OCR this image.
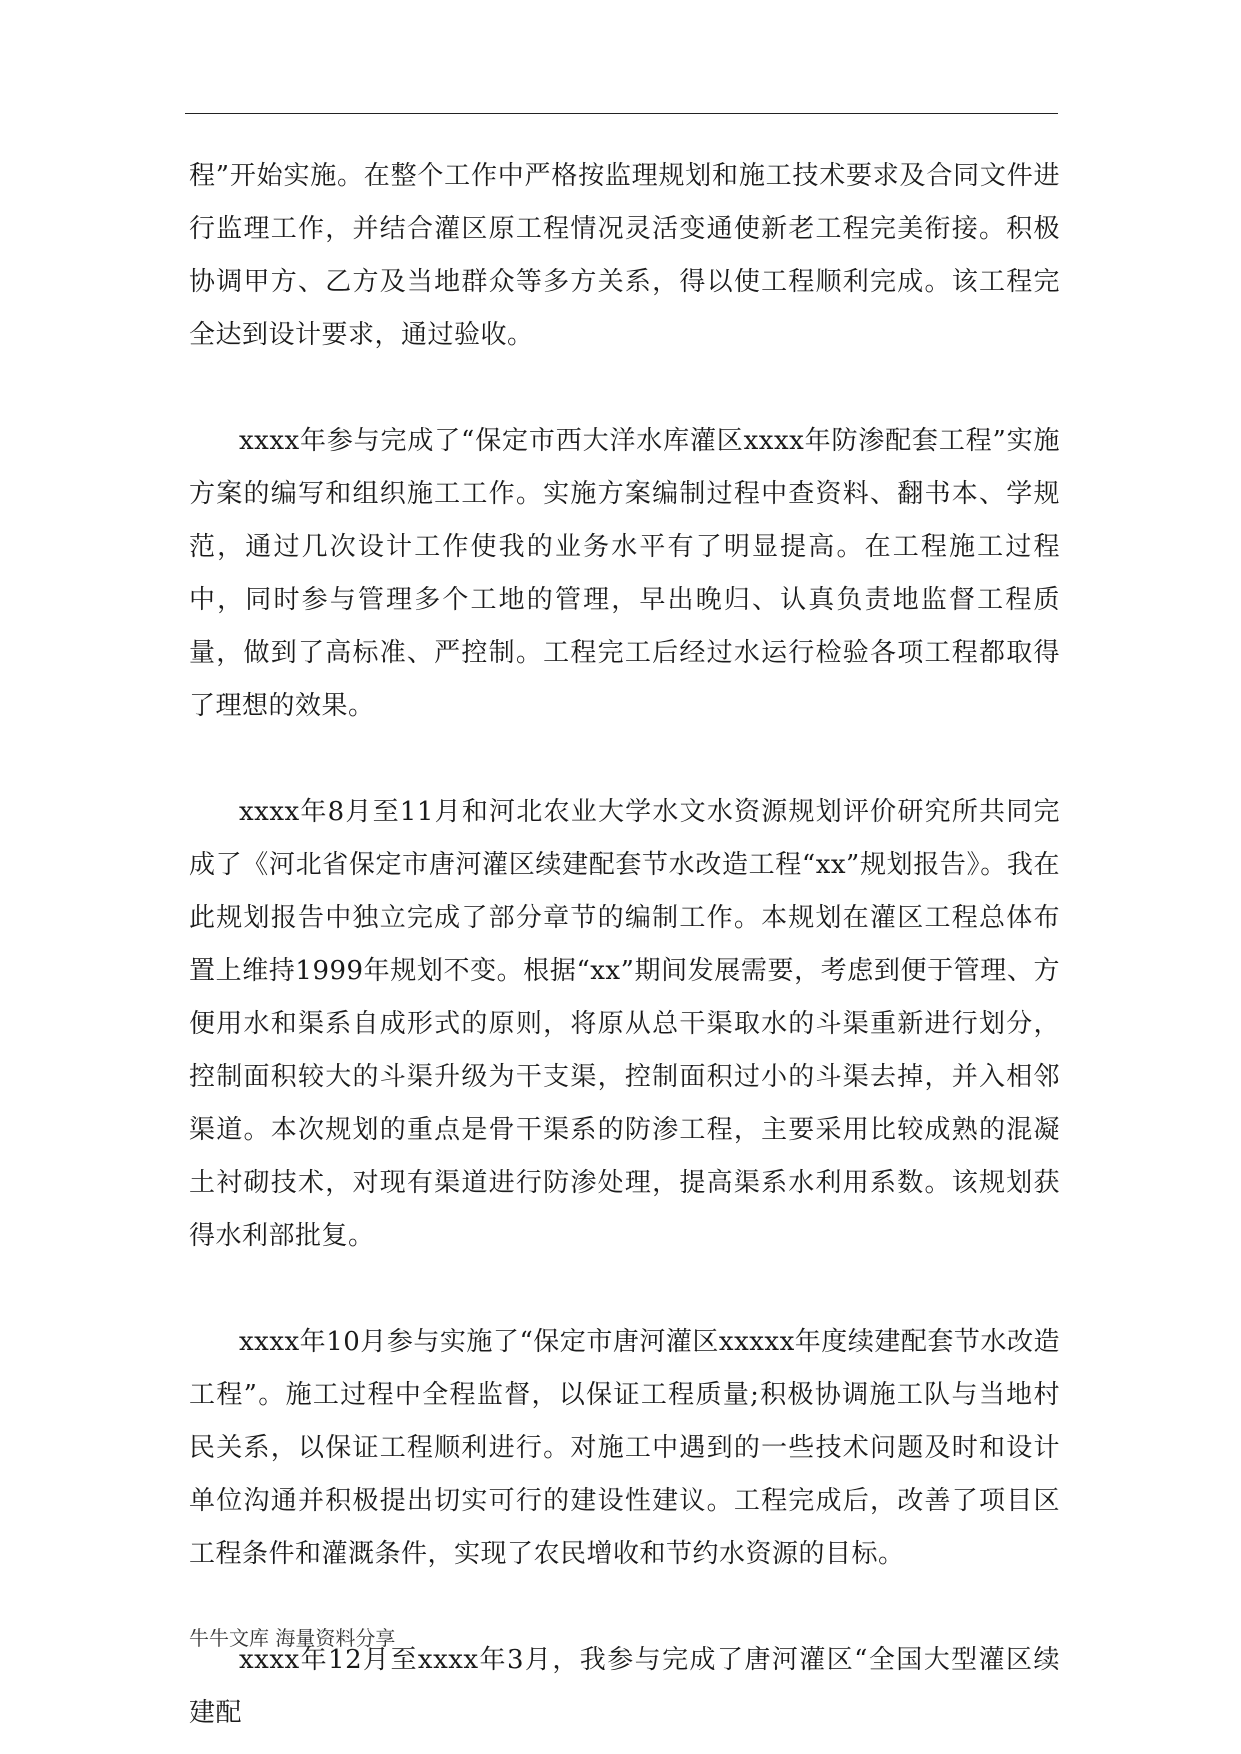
程”开始实施。在整个工作中严格按监理规划和施工技术要求及合同文件进行监理工作，并结合灌区原工程情况灵活变通使新老工程完美衔接。积极协调甲方、乙方及当地群众等多方关系，得以使工程顺利完成。该工程完全达到设计要求，通过验收。

xxxx年参与完成了“保定市西大洋水库灌区xxxx年防渗配套工程”实施方案的编写和组织施工工作。实施方案编制过程中查资料、翻书本、学规范，通过几次设计工作使我的业务水平有了明显提高。在工程施工过程中，同时参与管理多个工地的管理，早出晚归、认真负责地监督工程质量，做到了高标准、严控制。工程完工后经过水运行检验各项工程都取得了理想的效果。

xxxx年8月至11月和河北农业大学水文水资源规划评价研究所共同完成了《河北省保定市唐河灌区续建配套节水改造工程“xx”规划报告》。我在此规划报告中独立完成了部分章节的编制工作。本规划在灌区工程总体布置上维持1999年规划不变。根据“xx”期间发展需要，考虑到便于管理、方便用水和渠系自成形式的原则，将原从总干渠取水的斗渠重新进行划分，控制面积较大的斗渠升级为干支渠，控制面积过小的斗渠去掉，并入相邻渠道。本次规划的重点是骨干渠系的防渗工程，主要采用比较成熟的混凝土衬砌技术，对现有渠道进行防渗处理，提高渠系水利用系数。该规划获得水利部批复。

xxxx年10月参与实施了“保定市唐河灌区xxxxx年度续建配套节水改造工程”。施工过程中全程监督，以保证工程质量;积极协调施工队与当地村民关系，以保证工程顺利进行。对施工中遇到的一些技术问题及时和设计单位沟通并积极提出切实可行的建设性建议。工程完成后，改善了项目区工程条件和灌溉条件，实现了农民增收和节约水资源的目标。

xxxx年12月至xxxx年3月，我参与完成了唐河灌区“全国大型灌区续建配

牛牛文库 海量资料分享
